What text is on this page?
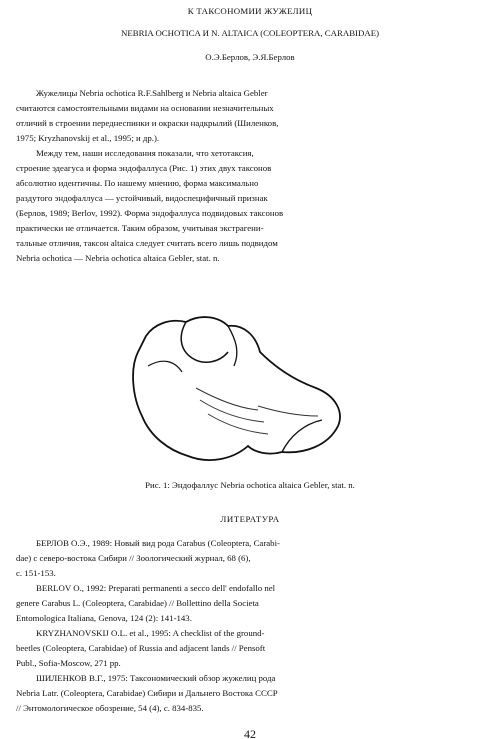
К ТАКСОНОМИИ ЖУЖЕЛИЦ
NEBRIA OCHOTICA И N. ALTAICA (COLEOPTERA, CARABIDAE)
О.Э.Берлов, Э.Я.Берлов
Жужелицы Nebria ochotica R.F.Sahlberg и Nebria altaica Gebler
считаются самостоятельными видами на основании незначительных
отличий в строении переднеспинки и окраски надкрылий (Шиленков,
1975; Kryzhanovskij et al., 1995; и др.).
Между тем, наши исследования показали, что хетотаксия,
строение эдеагуса и форма эндофаллуса (Рис. 1) этих двух таксонов
абсолютно идентичны. По нашему мнению, форма максимально
раздутого эндофаллуса — устойчивый, видоспецифичный признак
(Берлов, 1989; Berlov, 1992). Форма эндофаллуса подвидовых таксонов
практически не отличается. Таким образом, учитывая экстрагени-
тальные отличия, таксон altaica следует считать всего лишь подвидом
Nebria ochotica — Nebria ochotica altaica Gebler, stat. n.
Рис. 1: Эндофаллус Nebria ochotica altaica Gebler, stat. n.
ЛИТЕРАТУРА
БЕРЛОВ О.Э., 1989: Новый вид рода Carabus (Coleoptera, Carabi-
dae) с северо-востока Сибири // Зоологический журнал, 68 (6),
с. 151-153.
BERLOV O., 1992: Preparati permanenti a secco dell' endofallo nel
genere Carabus L. (Coleoptera, Carabidae) // Bollettino della Societa
Entomologica Italiana, Genova, 124 (2): 141-143.
KRYZHANOVSKIJ O.L. et al., 1995: A checklist of the ground-
beetles (Coleoptera, Carabidae) of Russia and adjacent lands // Pensoft
Publ., Sofia-Moscow, 271 pp.
ШИЛЕНКОВ В.Г., 1975: Таксономический обзор жужелиц рода
Nebria Latr. (Coleoptera, Carabidae) Сибири и Дальнего Востока СССР
// Энтомологическое обозрение, 54 (4), с. 834-835.
42
